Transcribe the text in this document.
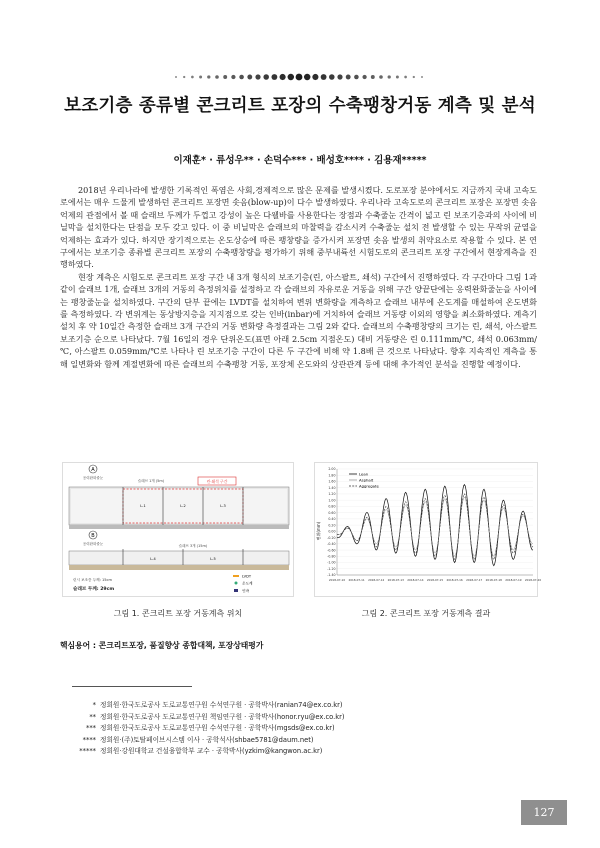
보조기층 종류별 콘크리트 포장의 수축팽창거동 계측 및 분석
이재훈* · 류성우** · 손덕수*** · 배성호**** · 김용재*****

2018년 우리나라에 발생한 기록적인 폭염은 사회,경제적으로 많은 문제를 발생시켰다. 도로포장 분야에서도 지금까지 국내 고속도로에서는 매우 드물게 발생하던 콘크리트 포장면 솟음(blow-up)이 다수 발생하였다. 우리나라 고속도로의 콘크리트 포장은 포장면 솟음 억제의 관점에서 볼 때 슬래브 두께가 두껍고 강성이 높은 다웰바를 사용한다는 장점과 수축줄눈 간격이 넓고 린 보조기층과의 사이에 비닐막을 설치한다는 단점을 모두 갖고 있다. 이 중 비닐막은 슬래브의 마찰력을 감소시켜 수축줄눈 설치 전 발생할 수 있는 무작위 균열을 억제하는 효과가 있다. 하지만 장기적으로는 온도상승에 따른 팽창량을 증가시켜 포장면 솟음 발생의 취약요소로 작용할 수 있다. 본 연구에서는 보조기층 종류별 콘크리트 포장의 수축팽창량을 평가하기 위해 중부내륙선 시험도로의 콘크리트 포장 구간에서 현장계측을 진행하였다.

현장 계측은 시험도로 콘크리트 포장 구간 내 3개 형식의 보조기층(린, 아스팔트, 쇄석) 구간에서 진행하였다. 각 구간마다 그림 1과 같이 슬래브 1개, 슬래브 3개의 거동의 측정위치를 설정하고 각 슬래브의 자유로운 거동을 위해 구간 양끝단에는 응력완화줄눈을 사이에는 팽창줄눈을 설치하였다. 구간의 단부 끝에는 LVDT를 설치하여 변위 변화량을 계측하고 슬래브 내부에 온도계를 매설하여 온도변화를 측정하였다. 각 변위계는 동상방지층을 지지점으로 갖는 인바(inbar)에 거치하여 슬래브 거동량 이외의 영향을 최소화하였다. 계측기 설치 후 약 10일간 측정한 슬래브 3개 구간의 거동 변화량 측정결과는 그림 2와 같다. 슬래브의 수축팽창량의 크기는 린, 쇄석, 아스팔트 보조기층 순으로 나타났다. 7월 16일의 경우 단위온도(표면 아래 2.5cm 지점온도) 대비 거동량은 린 0.111mm/℃, 쇄석 0.063mm/℃, 아스팔트 0.059mm/℃로 나타나 린 보조기층 구간이 다른 두 구간에 비해 약 1.8배 큰 것으로 나타났다. 향후 지속적인 계측을 통해 일변화와 함께 계절변화에 따른 슬래브의 수축팽창 거동, 포장체 온도와의 상관관계 등에 대해 추가적인 분석을 진행할 예정이다.

A
응력완화줄눈
슬래브 1개 (5m)	린·쇄석 구간
L-1	L-2	L-3
B
응력완화줄눈	슬래브 3개 (15m)
L-4	L-5
린시 보조층 두께: 15cm
슬래브 두께: 29cm
LVDT
온도계
인바
2.00
1.80
1.60
1.40
1.20
1.00
0.80
0.60
0.40
0.20
0.00
-0.20
-0.40
-0.60
-0.80
-1.00
-1.20
-1.40
2018-07-10 2018-07-11 2018-07-12 2018-07-13 2018-07-14 2018-07-15 2018-07-16 2018-07-17 2018-07-18 2018-07-19 2018-07-20
변위(mm)
Lean
Asphalt
Aggregate
그림 1. 콘크리트 포장 거동계측 위치	그림 2. 콘크리트 포장 거동계측 결과
핵심용어 : 콘크리트포장, 품질향상 종합대책, 포장상태평가
* 정회원·한국도로공사 도로교통연구원 수석연구원 · 공학박사(ranian74@ex.co.kr)
** 정회원·한국도로공사 도로교통연구원 책임연구원 · 공학박사(honor.ryu@ex.co.kr)
*** 정회원·한국도로공사 도로교통연구원 수석연구원 · 공학박사(mgsds@ex.co.kr)
**** 정회원·(주)토탈페이브시스템 이사 · 공학석사(shbae5781@daum.net)
***** 정회원·강원대학교 건설융합학부 교수 · 공학박사(yzkim@kangwon.ac.kr)
127
